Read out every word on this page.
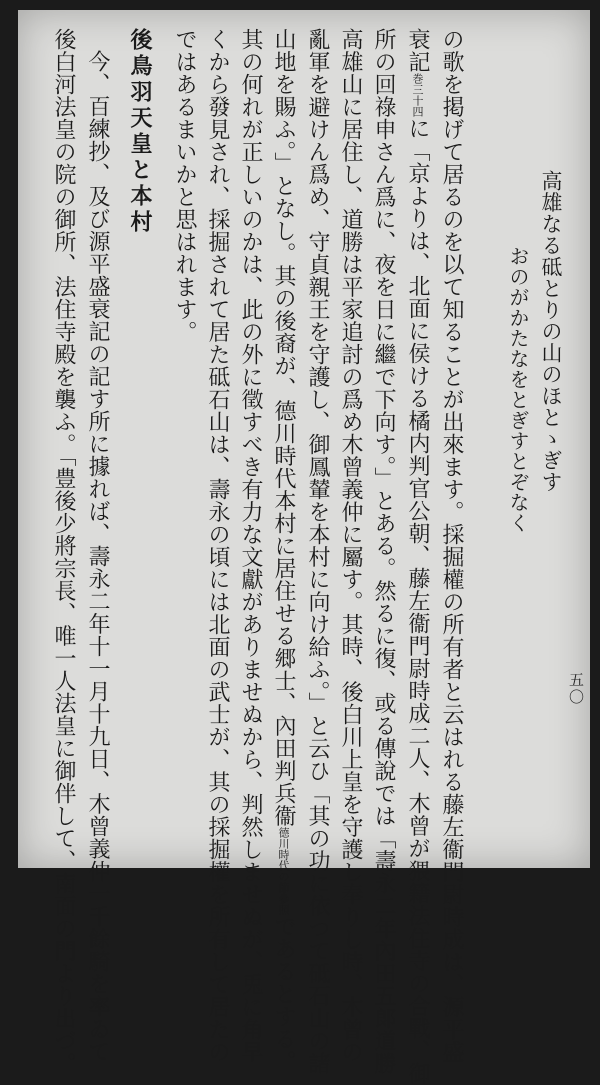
高雄なる砥とりの山のほとゝぎす
おのがかたなをとぎすとぞなく
五〇
の歌を掲げて居るのを以て知ることが出來ます。採掘權の所有者と云はれる藤左衞門尉時成は、源平盛
衰記巻三十四に「京よりは、北面に侯ける橘内判官公朝、藤左衞門尉時成二人、木曾が猥籍法住寺の合戰、御
所の回祿申さん爲に、夜を日に繼で下向す。」とある。然るに復、或る傳說では「壽永二年內田五郞道勝
高雄山に居住し、道勝は平家追討の爲め木曾義仲に屬す。其時、後白川上皇を守護し奉りし時、木曾の
亂軍を避けん爲め、守貞親王を守護し、御鳳輦を本村に向け給ふ。」と云ひ「其の功に依つて砥石山の諸
山地を賜ふ。」となし。其の後裔が、德川時代本村に居住せる郷士、內田判兵衞德川時代の節參照であるとする。
其の何れが正しいのかは、此の外に徵すべき有力な文獻がありませぬから、判然しませぬが、兎に角早
くから發見され、採掘されて居た砥石山は、壽永の頃には北面の武士が、其の採掘權を所有して居たの
ではあるまいかと思はれます。
後鳥羽天皇と本村
今、百練抄、及び源平盛衰記の記す所に據れば、壽永二年十一月十九日、木曾義仲一千餘騎を率ゐて
後白河法皇の院の御所、法住寺殿を襲ふ。「豊後少將宗長、唯一人法皇に御伴して、南面の門より出づ。
